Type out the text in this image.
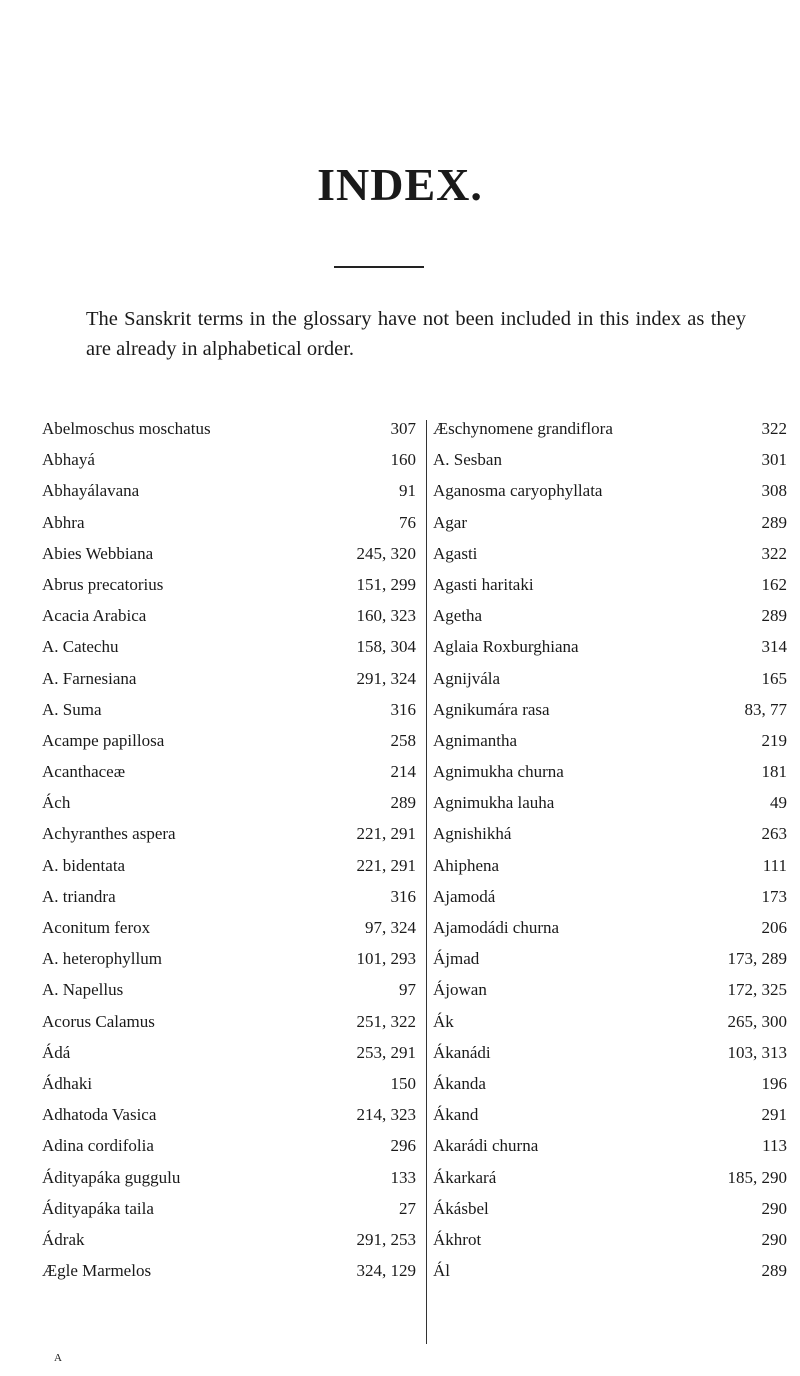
INDEX.

The Sanskrit terms in the glossary have not been included in this index as they are already in alphabetical order.

Abelmoschus moschatus	307
Abhayá	160
Abhayálavana	91
Abhra	76
Abies Webbiana	245, 320
Abrus precatorius	151, 299
Acacia Arabica	160, 323
A. Catechu	158, 304
A. Farnesiana	291, 324
A. Suma	316
Acampe papillosa	258
Acanthaceæ	214
Ách	289
Achyranthes aspera	221, 291
A. bidentata	221, 291
A. triandra	316
Aconitum ferox	97, 324
A. heterophyllum	101, 293
A. Napellus	97
Acorus Calamus	251, 322
Ádá	253, 291
Ádhaki	150
Adhatoda Vasica	214, 323
Adina cordifolia	296
Ádityapáka guggulu	133
Ádityapáka taila	27
Ádrak	291, 253
Ægle Marmelos	324, 129
Æschynomene grandiflora	322
A. Sesban	301
Aganosma caryophyllata	308
Agar	289
Agasti	322
Agasti haritaki	162
Agetha	289
Aglaia Roxburghiana	314
Agnijvála	165
Agnikumára rasa	83, 77
Agnimantha	219
Agnimukha churna	181
Agnimukha lauha	49
Agnishikhá	263
Ahiphena	111
Ajamodá	173
Ajamodádi churna	206
Ájmad	173, 289
Ájowan	172, 325
Ák	265, 300
Ákanádi	103, 313
Ákanda	196
Ákand	291
Akarádi churna	113
Ákarkará	185, 290
Ákásbel	290
Ákhrot	290
Ál	289

A
